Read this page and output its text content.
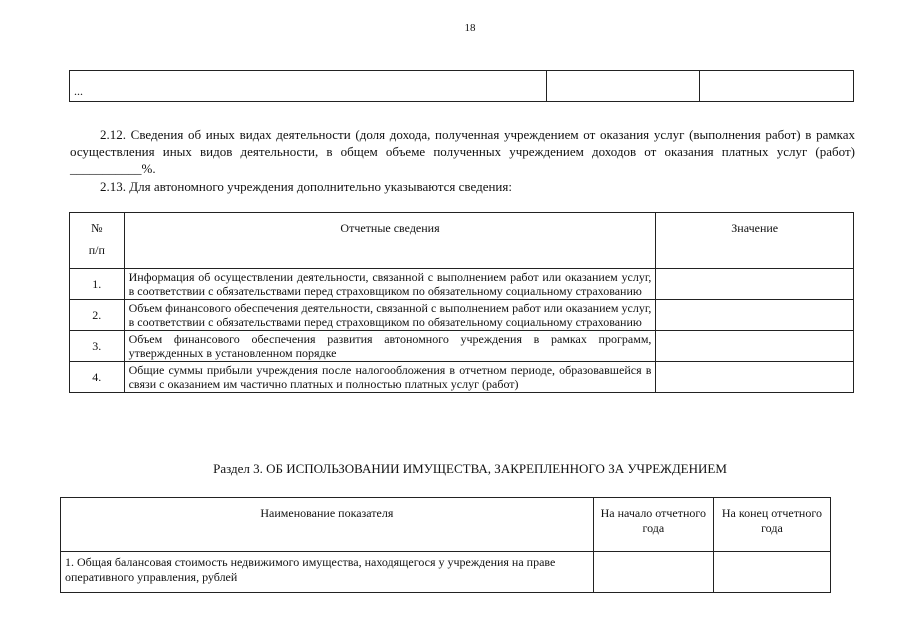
18
...		
2.12. Сведения об иных видах деятельности (доля дохода, полученная учреждением от оказания услуг (выполнения работ) в рамках осуществления иных видов деятельности, в общем объеме полученных учреждением доходов от оказания платных услуг (работ) ___________%.
2.13. Для автономного учреждения дополнительно указываются сведения:
№
п/п	Отчетные сведения	Значение
1.	Информация об осуществлении деятельности, связанной с выполнением работ или оказанием услуг, в соответствии с обязательствами перед страховщиком по обязательному социальному страхованию	
2.	Объем финансового обеспечения деятельности, связанной с выполнением работ или оказанием услуг, в соответствии с обязательствами перед страховщиком по обязательному социальному страхованию	
3.	Объем финансового обеспечения развития автономного учреждения в рамках программ, утвержденных в установленном порядке	
4.	Общие суммы прибыли учреждения после налогообложения в отчетном периоде, образовавшейся в связи с оказанием им частично платных и полностью платных услуг (работ)	
Раздел 3. ОБ ИСПОЛЬЗОВАНИИ ИМУЩЕСТВА, ЗАКРЕПЛЕННОГО ЗА УЧРЕЖДЕНИЕМ
Наименование показателя	На начало отчетного года	На конец отчетного года
1. Общая балансовая стоимость недвижимого имущества, находящегося у учреждения на праве оперативного управления, рублей		
